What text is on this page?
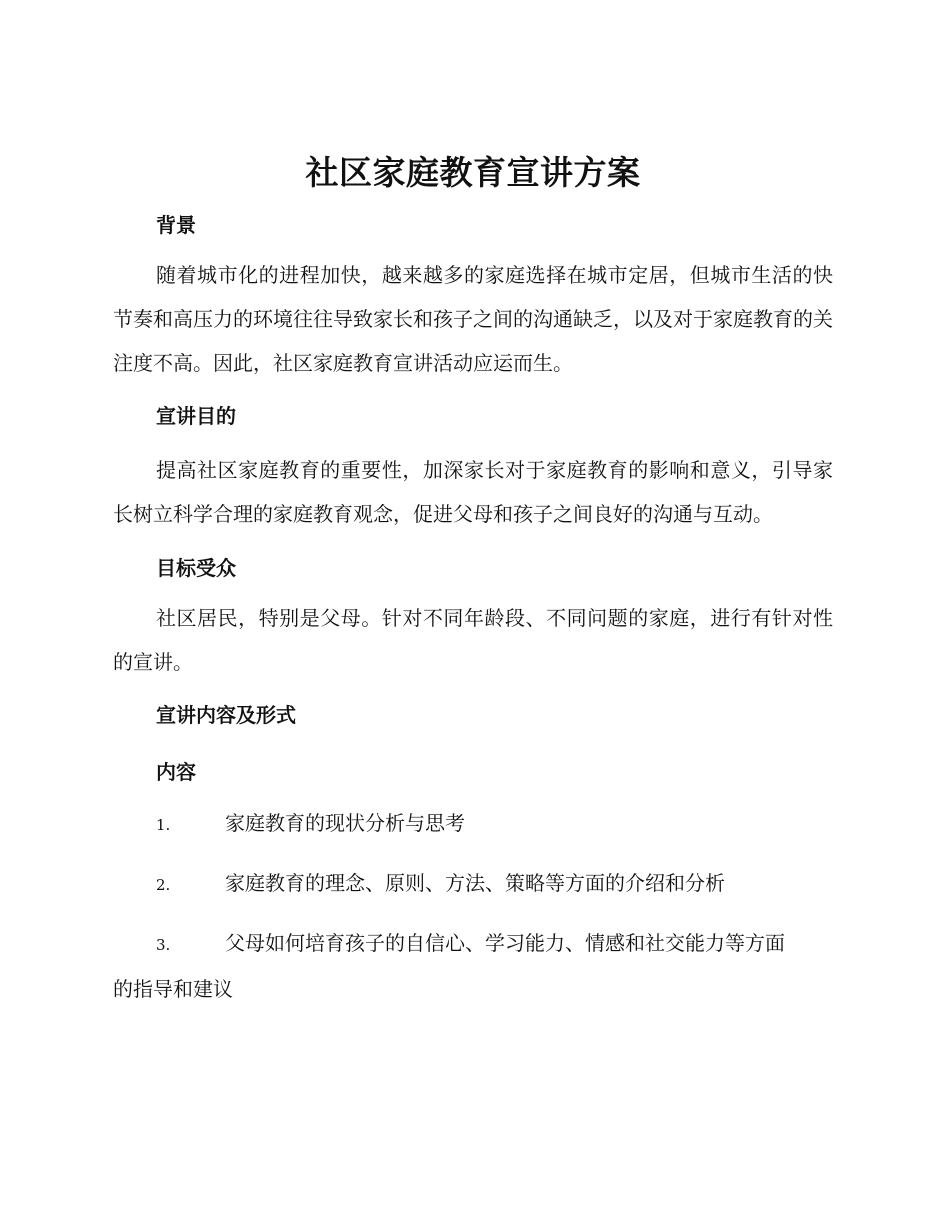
社区家庭教育宣讲方案
背景

随着城市化的进程加快，越来越多的家庭选择在城市定居，但城市生活的快节奏和高压力的环境往往导致家长和孩子之间的沟通缺乏，以及对于家庭教育的关注度不高。因此，社区家庭教育宣讲活动应运而生。

宣讲目的

提高社区家庭教育的重要性，加深家长对于家庭教育的影响和意义，引导家长树立科学合理的家庭教育观念，促进父母和孩子之间良好的沟通与互动。

目标受众

社区居民，特别是父母。针对不同年龄段、不同问题的家庭，进行有针对性的宣讲。

宣讲内容及形式
内容
1.	家庭教育的现状分析与思考
2.	家庭教育的理念、原则、方法、策略等方面的介绍和分析
3.	父母如何培育孩子的自信心、学习能力、情感和社交能力等方面
的指导和建议
